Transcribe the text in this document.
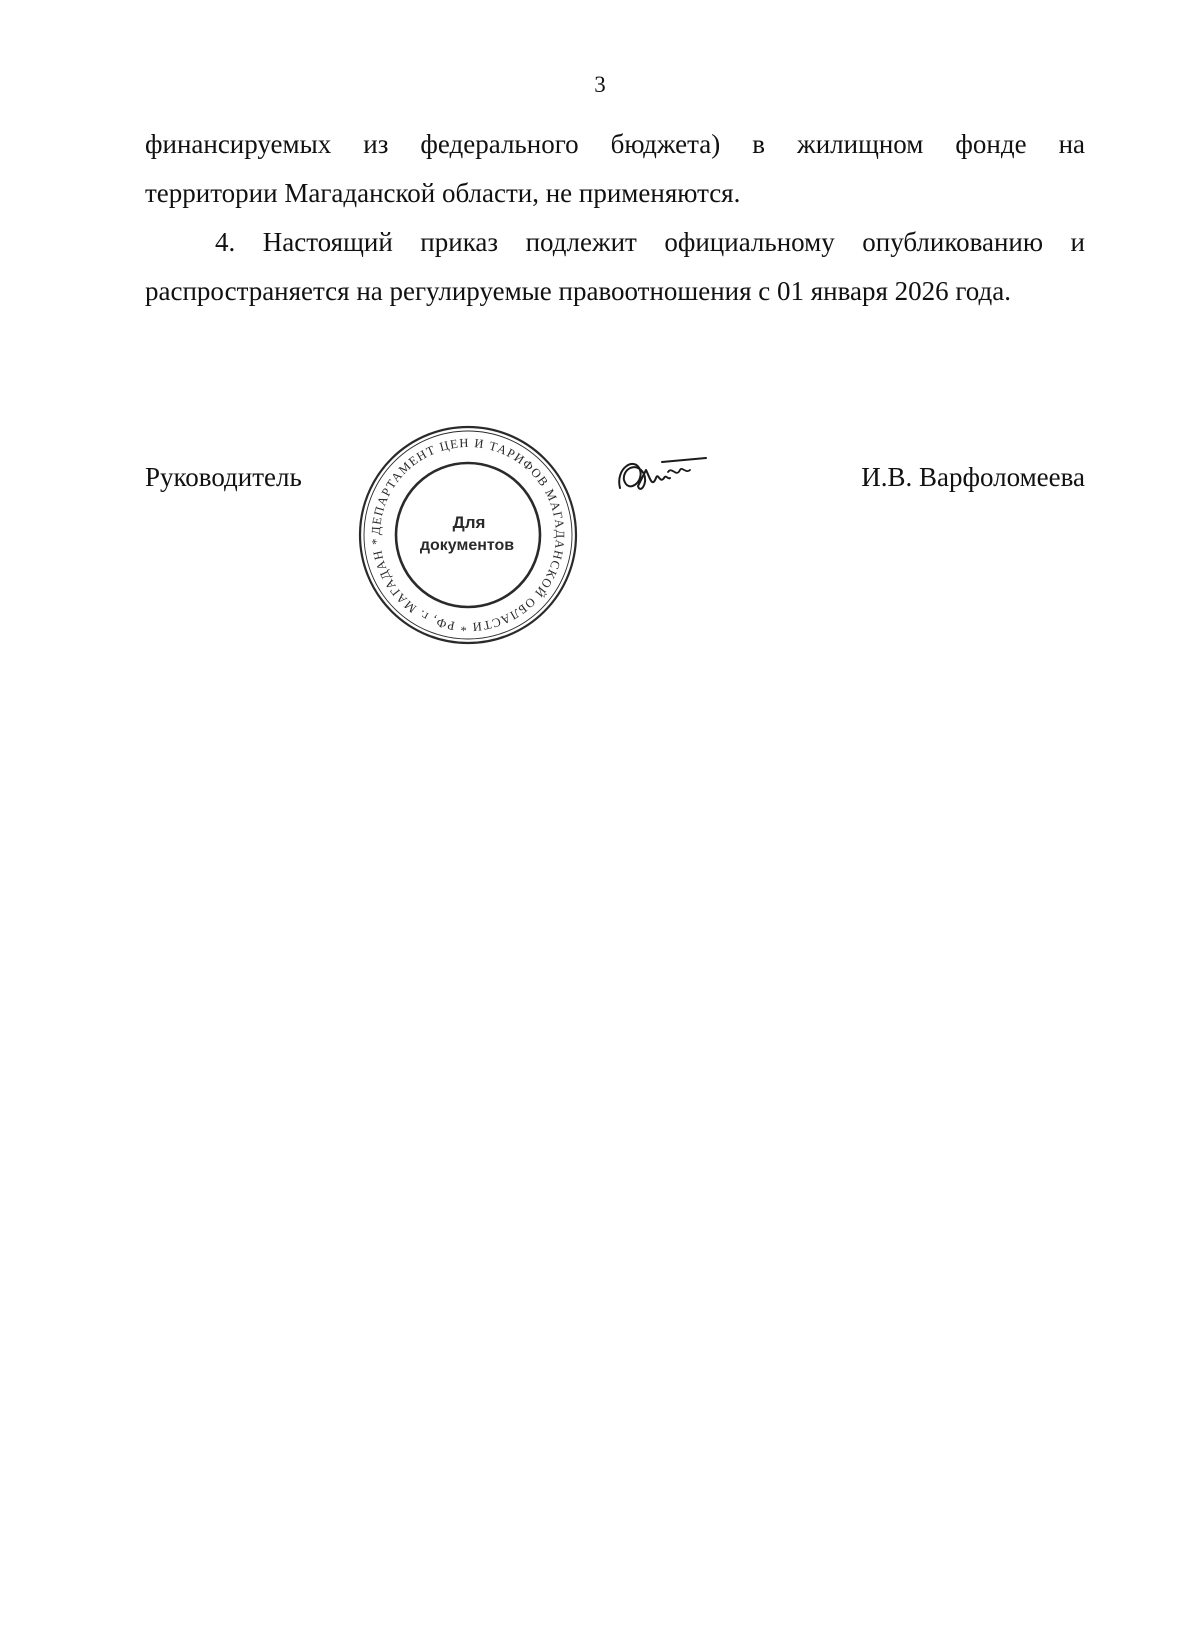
3
финансируемых из федерального бюджета) в жилищном фонде на
территории Магаданской области, не применяются.
4. Настоящий приказ подлежит официальному опубликованию и
распространяется на регулируемые правоотношения с 01 января 2026 года.
Руководитель
ДЕПАРТАМЕНТ ЦЕН И ТАРИФОВ МАГАДАНСКОЙ ОБЛАСТИ * РФ, г. МАГАДАН *
Для
документов
И.В. Варфоломеева
